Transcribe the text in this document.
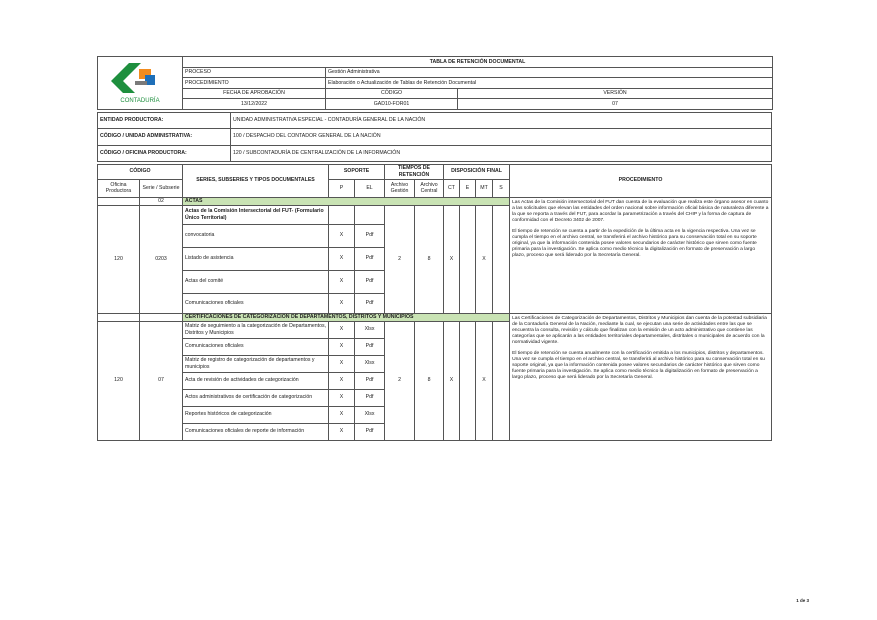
CONTADURÍA	TABLA DE RETENCIÓN DOCUMENTAL		
	PROCESO	Gestión Administrativa	
	PROCEDIMIENTO	Elaboración o Actualización de Tablas de Retención Documental	
	FECHA DE APROBACIÓN	CÓDIGO	VERSIÓN
	13/12/2022	GAD10-FOR01	07
ENTIDAD PRODUCTORA:	UNIDAD ADMINISTRATIVA ESPECIAL - CONTADURÍA GENERAL DE LA NACIÓN
CÓDIGO / UNIDAD ADMINISTRATIVA:	100 / DESPACHO DEL CONTADOR GENERAL DE LA NACIÓN
CÓDIGO / OFICINA PRODUCTORA:	120 / SUBCONTADURÍA DE CENTRALIZACIÓN DE LA INFORMACIÓN
CÓDIGO		SERIES, SUBSERIES Y TIPOS DOCUMENTALES	SOPORTE		TIEMPOS DE RETENCIÓN		DISPOSICIÓN FINAL				PROCEDIMIENTO
Oficina Productora	Serie / Subserie		P	EL	Archivo Gestión	Archivo Central	CT	E	MT	S	
	02	ACTAS									Las Actas de la Comisión intersectorial del FUT dan cuenta de la evaluación que realiza este órgano asesor en cuanto a las solicitudes que elevan las entidades del orden nacional sobre información oficial básica de naturaleza diferente a la que se reporta a través del FUT, para acordar la parametrización a través del CHIP y la forma de captura de conformidad con el Decreto 3402 de 2007.

El tiempo de retención se cuenta a partir de la expedición de la última acta en la vigencia respectiva. Una vez se cumpla el tiempo en el archivo central, se transferirá el archivo histórico para su conservación total en su soporte original, ya que la información contenida posee valores secundarios de carácter histórico que sirven como fuente primaria para la investigación. Se aplica como medio técnico la digitalización en formato de preservación a largo plazo, proceso que será liderado por la Secretaría General.

120	0203	Actas de la Comisión Intersectorial del FUT- (Formulario Único Territorial)			2	8	X		X		
		convocatoria	X	Pdf							
		Listado de asistencia	X	Pdf							
		Actas del comité	X	Pdf							
		Comunicaciones oficiales	X	Pdf							
		CERTIFICACIONES DE CATEGORIZACIÓN DE DEPARTAMENTOS, DISTRITOS Y MUNICIPIOS									Las Certificaciones de Categorización de Departamentos, Distritos y Municipios dan cuenta de la potestad subsidiaria de la Contaduría General de la Nación, mediante la cual, se ejecutan una serie de actividades entre las que se encuentra la consulta, revisión y cálculo que finalizan con la emisión de un acto administrativo que contiene las categorías que se aplicarán a las entidades territoriales departamentales, distritales o municipales de acuerdo con la normatividad vigente.

El tiempo de retención se cuenta anualmente con la certificación emitida a los municipios, distritos y departamentos. Una vez se cumpla el tiempo en el archivo central, se transferirá al archivo histórico para su conservación total en su soporte original, ya que la información contenida posee valores secundarios de carácter histórico que sirven como fuente primaria para la investigación. Se aplica como medio técnico la digitalización en formato de preservación a largo plazo, proceso que será liderado por la Secretaría General.

120	07	Matriz de seguimiento a la categorización de Departamentos, Distritos y Municipios	X	Xlsx	2	8	X		X		
		Comunicaciones oficiales	X	Pdf							
		Matriz de registro de categorización de departamentos y municipios	X	Xlsx							
		Acta de revisión de actividades de categorización	X	Pdf							
		Actos administrativos de certificación de categorización	X	Pdf							
		Reportes históricos de categorización	X	Xlsx							
		Comunicaciones oficiales de reporte de información	X	Pdf							
1 de 3
